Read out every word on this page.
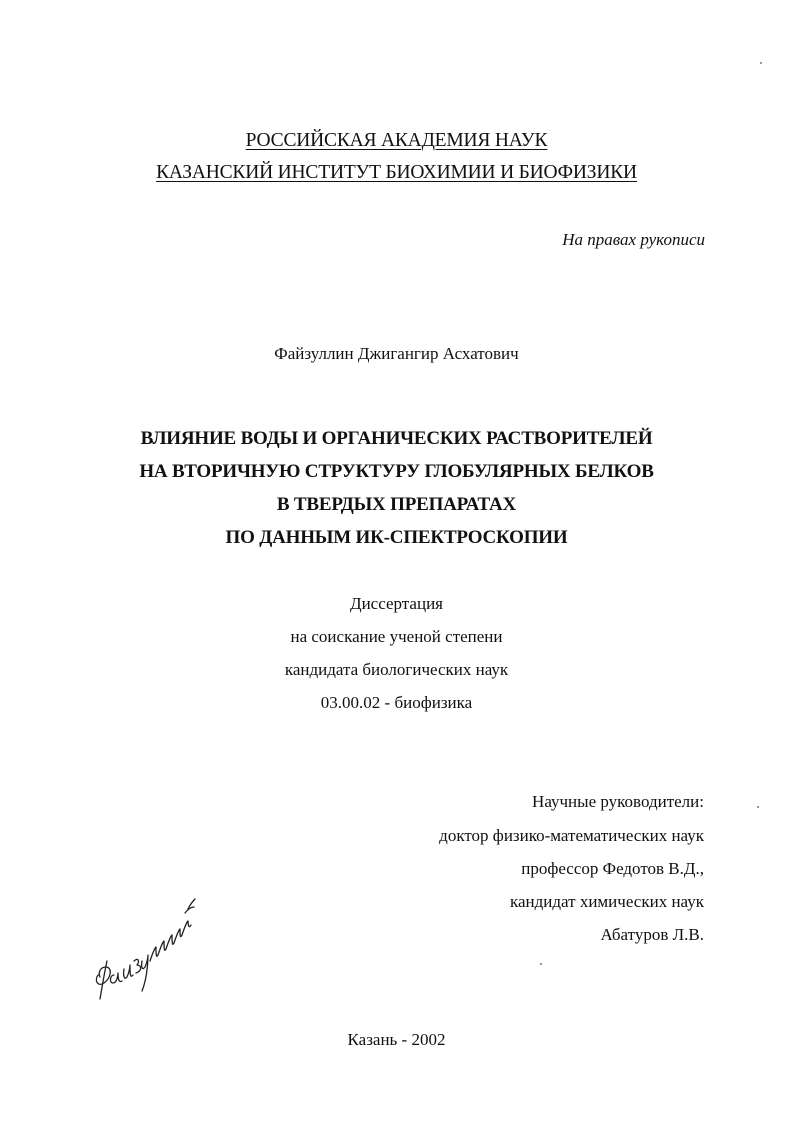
РОССИЙСКАЯ АКАДЕМИЯ НАУК
КАЗАНСКИЙ ИНСТИТУТ БИОХИМИИ И БИОФИЗИКИ
На правах рукописи
Файзуллин Джигангир Асхатович
ВЛИЯНИЕ ВОДЫ И ОРГАНИЧЕСКИХ РАСТВОРИТЕЛЕЙ
НА ВТОРИЧНУЮ СТРУКТУРУ ГЛОБУЛЯРНЫХ БЕЛКОВ
В ТВЕРДЫХ ПРЕПАРАТАХ
ПО ДАННЫМ ИК-СПЕКТРОСКОПИИ
Диссертация
на соискание ученой степени
кандидата биологических наук
03.00.02 - биофизика
Научные руководители:
доктор физико-математических наук
профессор Федотов В.Д.,
кандидат химических наук
Абатуров Л.В.
Казань - 2002
